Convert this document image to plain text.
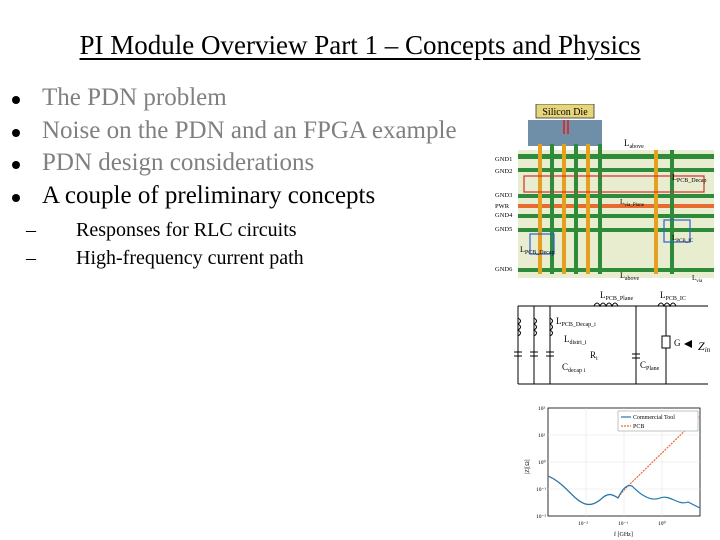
PI Module Overview Part 1 – Concepts and Physics
The PDN problem
Noise on the PDN and an FPGA example
PDN design considerations
A couple of preliminary concepts
– Responses for RLC circuits
– High-frequency current path
Silicon Die
GND1
GND2
GND3
PWR
GND4
GND5
GND6
$L_{above}$
$L_{PCB\_Decap}$
$L_{via\_Plane}$
$L_{PCB\_IC}$
$L_{PCB\_Decap}$
$L_{above}$	$L_{via}$
$L_{PCB\_Plane}$	$L_{PCB\_IC}$
$L_{PCB\_Decap\_i}$
$L_{distri\_i}$
$R_i$
$C_{decap i}$
$C_{Plane}$
G Zin
Commercial Tool
PCB
10²
10¹
10⁰
10⁻¹
10⁻²
10⁻²	10⁻¹	10⁰
f [GHz]
|Z|[Ω]
